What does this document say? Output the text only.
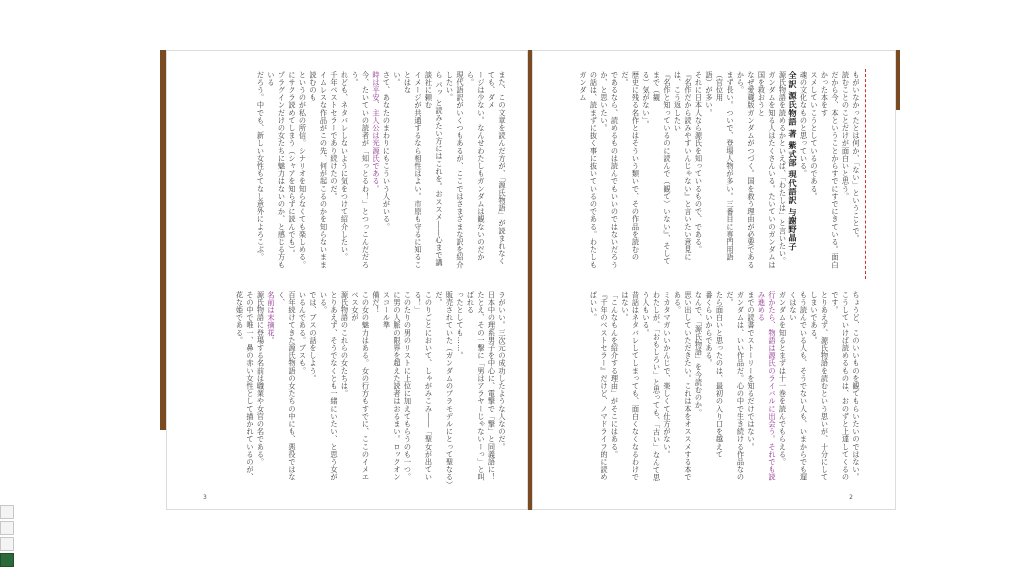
また、この文章を読んだ方が、「源氏物語」が読まれなくても、ダメ
ージは少ない。なんせわたしもガンダムは観ないのだから。
現代語訳がいくつもあるが、ここではさまざまな訳を紹介したい。
ら パッ と読みたい方にはこれを。おススメ――心まで講談社に頼む
イメージが共通するなら相性はよい。市原も守るに知ることはな
い。
さて、あなたのまわりにもこういう人がいる。
時は平安、主人公は光源氏である。
今、たいていの読者が「知っとるわ！」とつっこんだだろう。
れども、ネタバレしないように気をつけて紹介したい。
千年ベストセラーであり続けたのだ。
イムレスな作品がこの先、何が起こるのかを知らないまま読むのも
というのが私の所信。シナリオを知らなくても楽しめる。
にサクラ読めてしまう（シャアを知らずに読んでも）。
プラグインだけの女たちに魅力はないのか、と感じる方もいる
だろう。中でも、新しい女性もてなし意外によろこぶ。
ラがいい。三次元の成功したような人なのだ。
日本中の理系男子を中心に、電撃で「撃」と同義語に！
たとえ、その一撃に「男はアラヤーじゃないーっ」と叫ばれる
ったとしても……。
販売されていた（ガンダムのプラモデルにとって聖なる）だ。
このりごとにおいて、しゃがみこみ――「聖女が出ている！」
このたりの男のリストに上位に加えてもらうのも一つ。
に男の人脈の限界を超えた読者はおるまい。ロックオンスコール準
備だ！
この女の魅力はある。女の行方もすでに、ここのイメエベス女が
源氏物語のこれらの女たちは。
とりあえず、そうでなくとも一緒にいたい、と思う女がいる。
では、ブスの話をしよう。
いるんである。ブスも。
百年続けてきた源氏物語の女たちの中にも、悪役ではなく、
名前は末摘花。
源氏物語に登場する名前は職業や女官の名である。
その中で唯一、鼻の赤い女性として描かれているのが、
花な姫である。
3
もがいなかったとは何か、「ない」ということで。
読むことのことだけが面白いと思う。
だから今、本ということからすでにすでにきている。面白かった本をす
スメしていこうとしているのである。
魂の文化なものと思っている。
全訳 源氏物語 著 紫式部 現代語訳 与謝野晶子
源氏物語を読めるかといえば、「わたしは」と言いたい。
ガンダムを知る人はたくさんいる。たいていのガンダムは国を救おうと
なぜ愛蔵版ガンダムがつづく。国を救う理由が必要であるから。
まず長い。ついで、登場人物が多い。三番目に専門用語（官位用
語）が多い。
それに日本人なら源氏を知っているもので、である。
『名作だから読みやすいんじゃない』と言いたい意見には、こう返したい
『名作と知っているのに読んで（観て）いない』、そしてまで（観
る）気がない」。
歴史に残る名作とはそういう類いで、その作品を読むのだ。
であるなら、読めるものは読んでもいいのではないだろうか、と思いたい。
の話は、読まずに抜く事に抜いているのである。わたしもガンダム
ちょうど、このいいものを観てもらいたいのではない。
こうしていけば読めるものは、おのずと上達してくるのです。
とりあえず、源氏物語を読むという思いが、十分にしてしまいである。
もう読んでいる人も、そうでない人も、いまからでも遅くはない
ガンダムを知るとまずは十一巻を読んでもらえる。
行かたら、物語は源氏のライバルに出会う。それでも読み進める
までの読書でストーリーを知るだけではない。
ガンダムは、いい作品だ。心の中で生き続ける作品なのだ。
たら面白いと思ったのは、最初の入り口を越えて
番くらいからである。
なんで、「源氏物語」を今読むのか。
思い出していただきたい。これは本をオススメする本である。
ミカタマガいいかんじで、楽しくて仕方がない。
わたしが、「おもしろい」と思っても、「古い」なんて思う人もいる。
昔話はネタバレしてしまっても、面白くなくなるわけではない。
「こんなもんを紹介する理由」がそこにはある。
『千年のベストセラー』だけど、ノマドライフ的に読めばいい。
2
